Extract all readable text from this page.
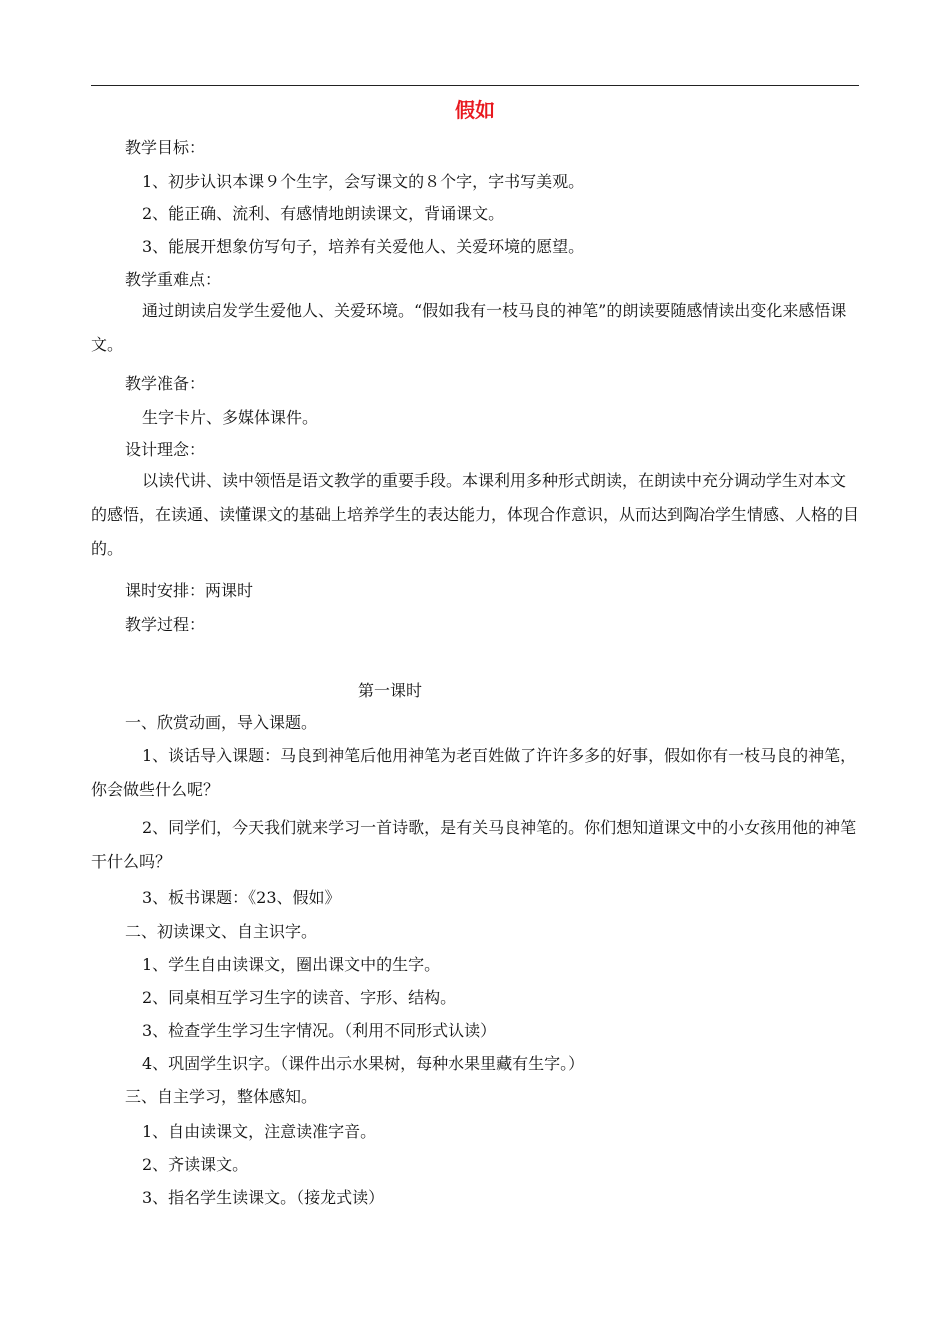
假如
教学目标：
1、初步认识本课９个生字，会写课文的８个字，字书写美观。
2、能正确、流利、有感情地朗读课文，背诵课文。
3、能展开想象仿写句子，培养有关爱他人、关爱环境的愿望。
教学重难点：
通过朗读启发学生爱他人、关爱环境。“假如我有一枝马良的神笔”的朗读要随感情读出变化来感悟课文。
教学准备：
生字卡片、多媒体课件。
设计理念：
以读代讲、读中领悟是语文教学的重要手段。本课利用多种形式朗读，在朗读中充分调动学生对本文的感悟，在读通、读懂课文的基础上培养学生的表达能力，体现合作意识，从而达到陶冶学生情感、人格的目的。
课时安排：两课时
教学过程：
第一课时
一、欣赏动画，导入课题。
1、谈话导入课题：马良到神笔后他用神笔为老百姓做了许许多多的好事，假如你有一枝马良的神笔，你会做些什么呢？
2、同学们，今天我们就来学习一首诗歌，是有关马良神笔的。你们想知道课文中的小女孩用他的神笔干什么吗？
3、板书课题：《23、假如》
二、初读课文、自主识字。
1、学生自由读课文，圈出课文中的生字。
2、同桌相互学习生字的读音、字形、结构。
3、检查学生学习生字情况。（利用不同形式认读）
4、巩固学生识字。（课件出示水果树，每种水果里藏有生字。）
三、自主学习，整体感知。
1、自由读课文，注意读准字音。
2、齐读课文。
3、指名学生读课文。（接龙式读）
